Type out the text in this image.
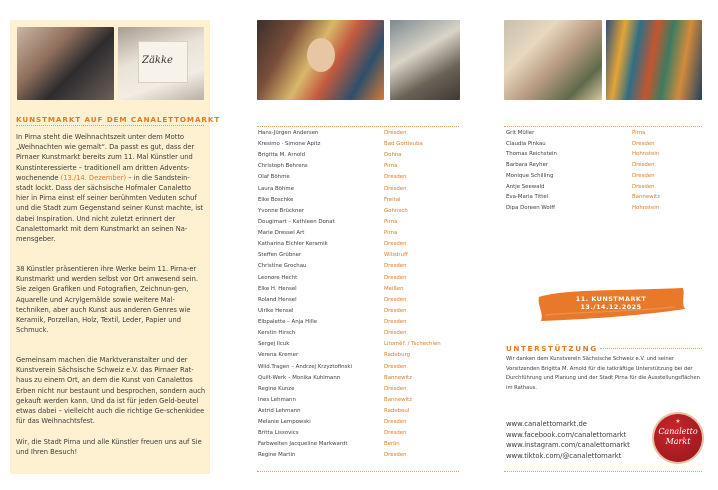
Zäkke
KUNSTMARKT AUF DEM CANALETTOMARKT
In Pirna steht die Weihnachtszeit unter dem Motto „Weihnachten wie gemalt“. Da passt es gut, dass der Pirnaer Kunstmarkt bereits zum 11. Mal Künstler und Kunstinteressierte – traditionell am dritten Advents-wochenende (13./14. Dezember) – in die Sandstein-stadt lockt. Dass der sächsische Hofmaler Canaletto hier in Pirna einst elf seiner berühmten Veduten schuf und die Stadt zum Gegenstand seiner Kunst machte, ist dabei Inspiration. Und nicht zuletzt erinnert der Canalettomarkt mit dem Kunstmarkt an seinen Na-mensgeber.
38 Künstler präsentieren ihre Werke beim 11. Pirna-er Kunstmarkt und werden selbst vor Ort anwesend sein. Sie zeigen Grafiken und Fotografien, Zeichnun-gen, Aquarelle und Acrylgemälde sowie weitere Mal-techniken, aber auch Kunst aus anderen Genres wie Keramik, Porzellan, Holz, Textil, Leder, Papier und Schmuck.
Gemeinsam machen die Marktveranstalter und der Kunstverein Sächsische Schweiz e.V. das Pirnaer Rat-haus zu einem Ort, an dem die Kunst von Canalettos Erben nicht nur bestaunt und besprochen, sondern auch gekauft werden kann. Und da ist für jeden Geld-beutel etwas dabei – vielleicht auch die richtige Ge-schenkidee für das Weihnachtsfest.
Wir, die Stadt Pirna und alle Künstler freuen uns auf Sie und Ihren Besuch!
Hans-Jürgen Andersen	Dresden
Kresimo · Simone Apitz	Bad Gottleuba
Brigitta M. Arnold	Dohna
Christoph Behrens	Pirna
Olaf Böhme	Dresden
Laura Böhme	Dresden
Elke Boschke	Freital
Yvonne Brückner	Gohrisch
Dougimart – Kathleen Donat	Pirna
Marie Dressel Art	Pirna
Katharina Eichler Keramik	Dresden
Steffen Grübner	Wilsdruff
Christine Grochau	Dresden
Leonore Hecht	Dresden
Elke H. Hensel	Meißen
Roland Hensel	Dresden
Ulrike Hensel	Dresden
Elbpalette – Anja Hille	Dresden
Kerstin Hirsch	Dresden
Sergej Ilcuk	Litoměř. / Tschechien
Verena Kremer	Radeburg
Wild.Tragen – Andrzej Krzyżtofinski	Dresden
Quilt-Werk – Monika Kuhlmann	Bannewitz
Regine Kunze	Dresden
Ines Lehmann	Bannewitz
Astrid Lehmann	Radebeul
Melanie Lempowski	Dresden
Britta Lissovics	Dresden
Farbwelten Jacqueline Markwardt	Berlin
Regine Martin	Dresden
Grit Müller	Pirna
Claudia Pinkau	Dresden
Thomas Reichstein	Hohnstein
Barbara Reyher	Dresden
Monique Schilling	Dresden
Antje Seewald	Dresden
Eva-Maria Tittel	Bannewitz
Dipa Doreen Wolff	Hohnstein
11. KUNSTMARKT
13./14.12.2025
UNTERSTÜTZUNG
Wir danken dem Kunstverein Sächsische Schweiz e.V. und seiner Vorsitzenden Brigitta M. Arnold für die tatkräftige Unterstützung bei der Durchführung und Planung und der Stadt Pirna für die Ausstellungsflächen im Rathaus.
www.canalettomarkt.de
www.facebook.com/canalettomarkt
www.instagram.com/canalettomarkt
www.tiktok.com/@canalettomarkt
★
Canaletto
Markt
